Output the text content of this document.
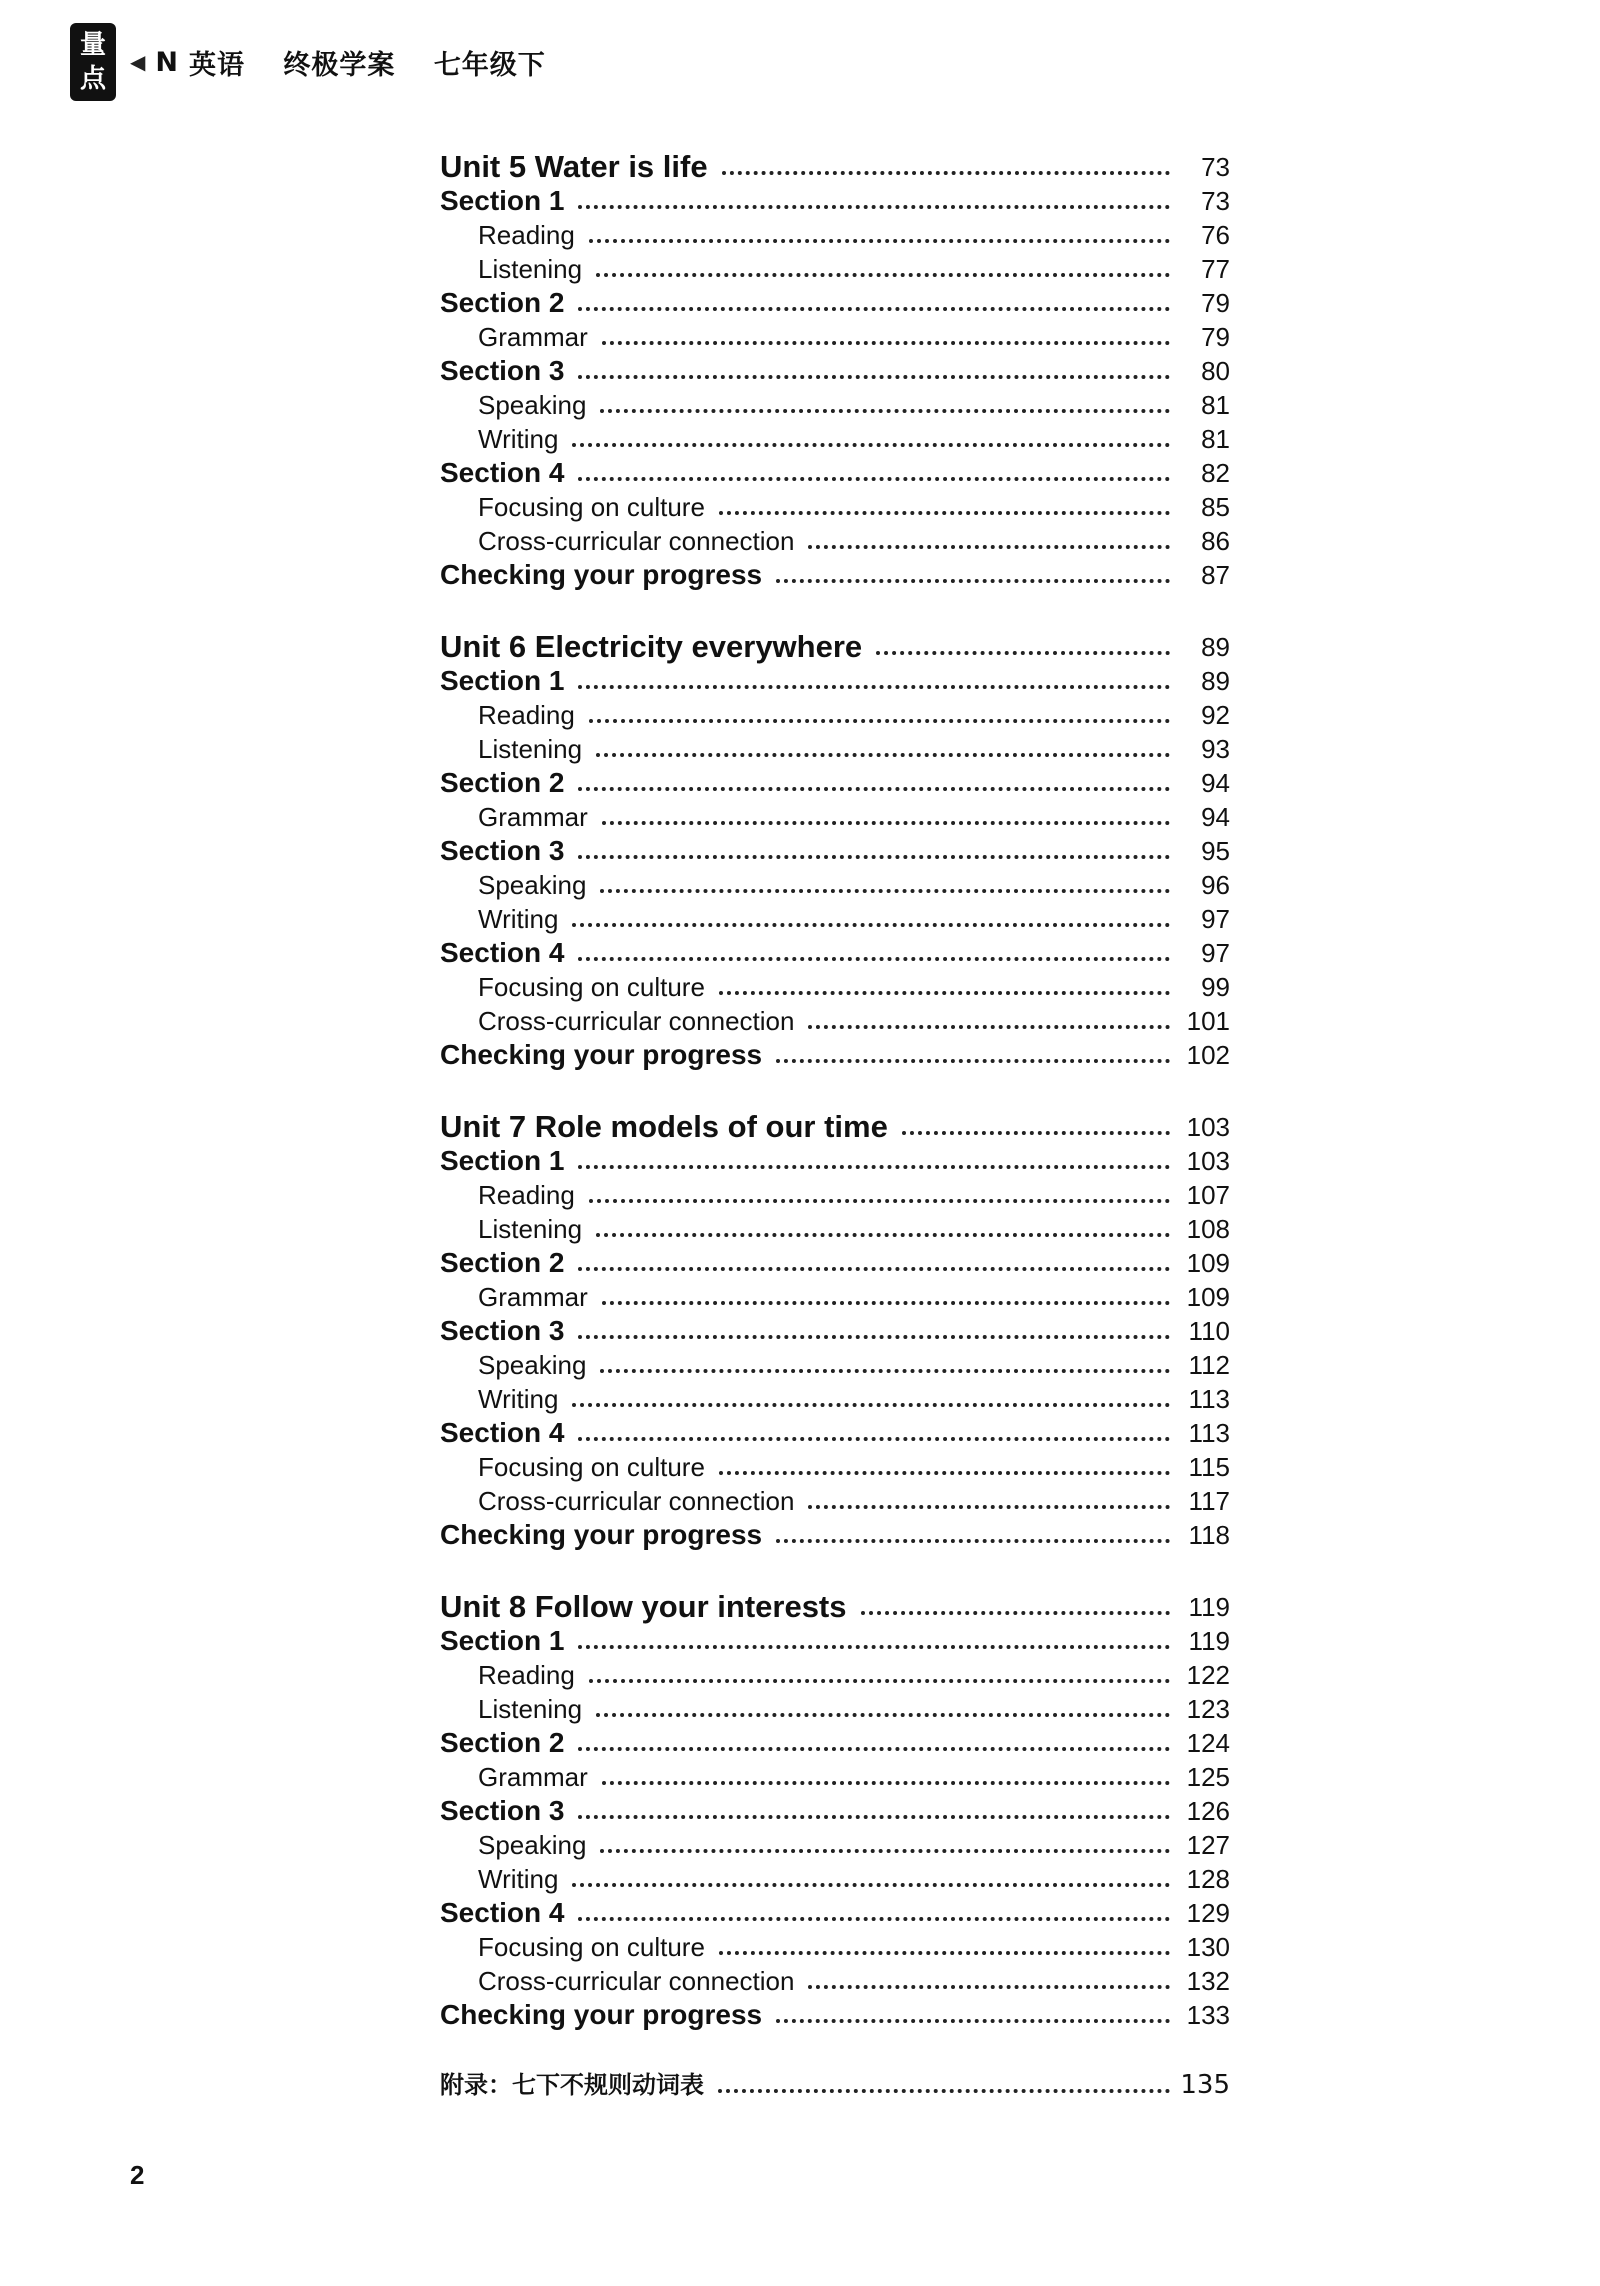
量
点
◀ N 英语 终极学案 七年级下
Unit 5 Water is life	73
Section 1	73
Reading	76
Listening	77
Section 2	79
Grammar	79
Section 3	80
Speaking	81
Writing	81
Section 4	82
Focusing on culture	85
Cross-curricular connection	86
Checking your progress	87
Unit 6 Electricity everywhere	89
Section 1	89
Reading	92
Listening	93
Section 2	94
Grammar	94
Section 3	95
Speaking	96
Writing	97
Section 4	97
Focusing on culture	99
Cross-curricular connection	101
Checking your progress	102
Unit 7 Role models of our time	103
Section 1	103
Reading	107
Listening	108
Section 2	109
Grammar	109
Section 3	110
Speaking	112
Writing	113
Section 4	113
Focusing on culture	115
Cross-curricular connection	117
Checking your progress	118
Unit 8 Follow your interests	119
Section 1	119
Reading	122
Listening	123
Section 2	124
Grammar	125
Section 3	126
Speaking	127
Writing	128
Section 4	129
Focusing on culture	130
Cross-curricular connection	132
Checking your progress	133
附录：七下不规则动词表	135
2
